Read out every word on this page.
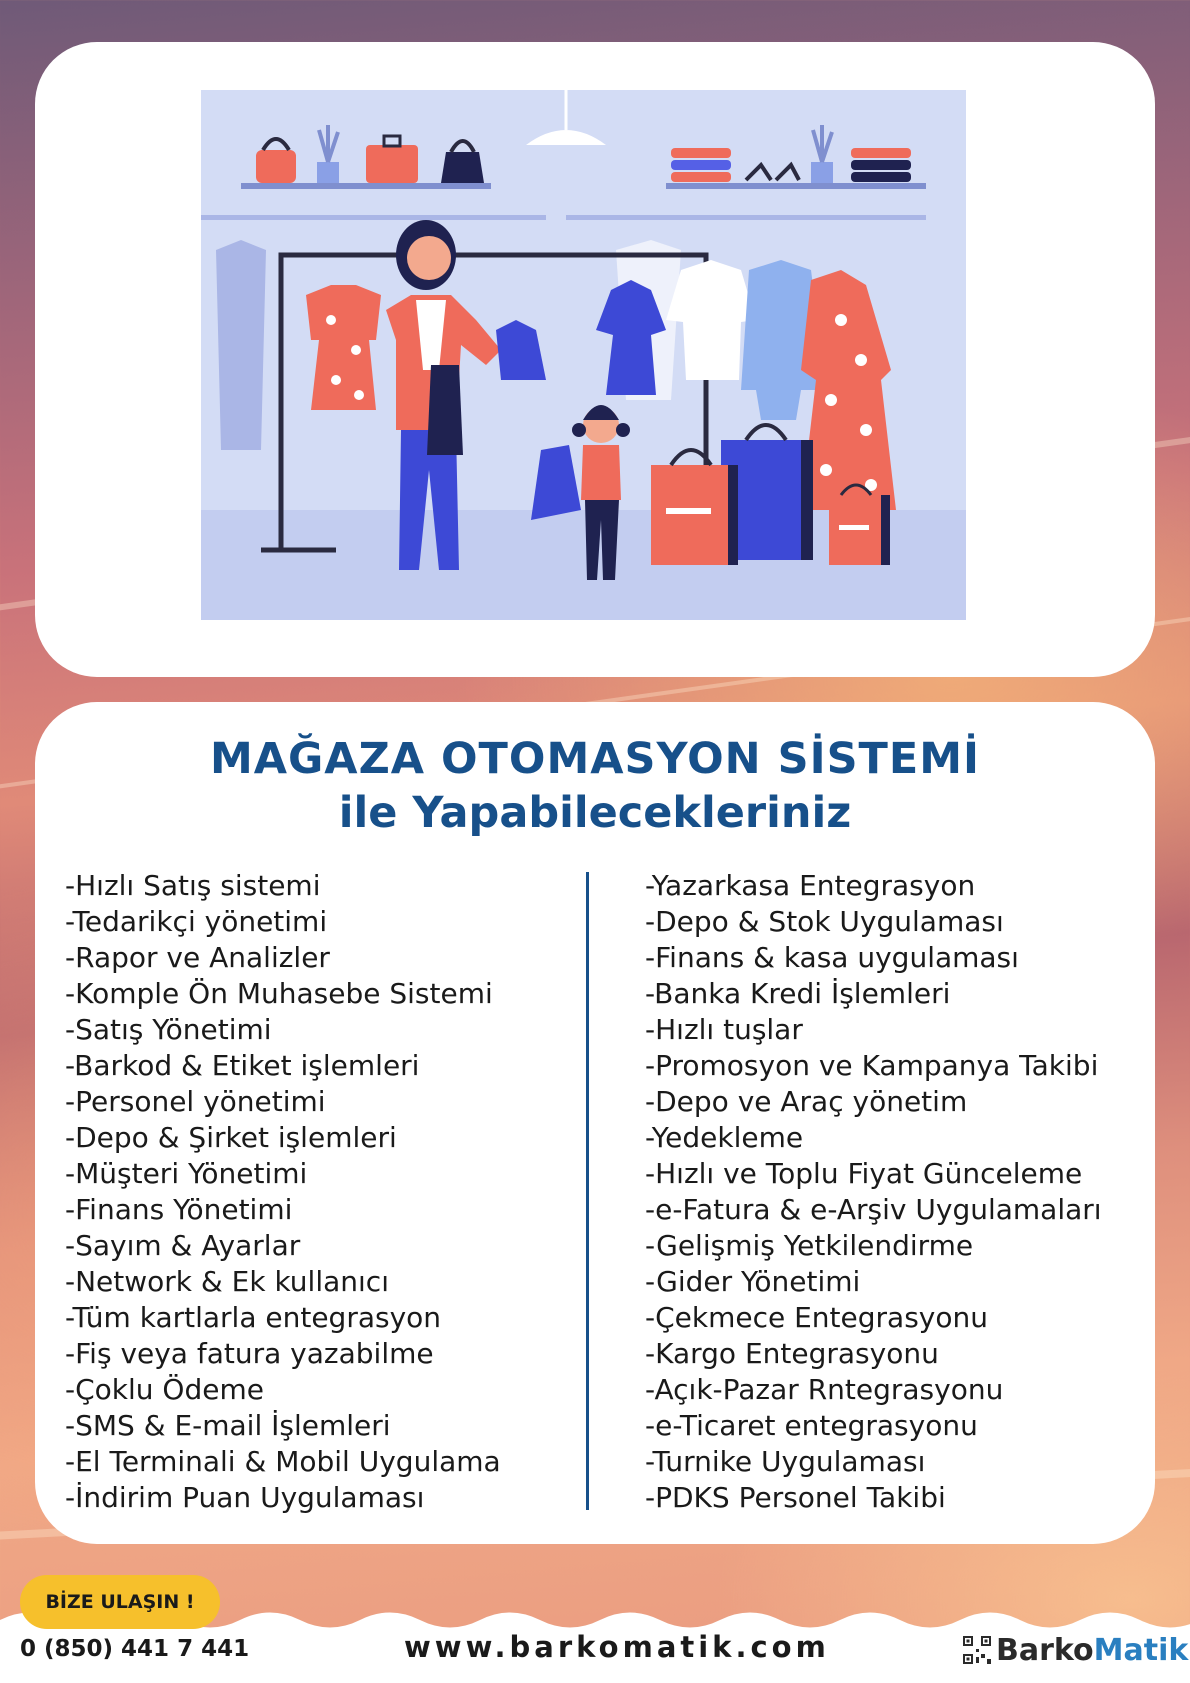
MAĞAZA OTOMASYON SİSTEMİ
ile Yapabilecekleriniz
-Hızlı Satış sistemi
-Tedarikçi yönetimi
-Rapor ve Analizler
-Komple Ön Muhasebe Sistemi
-Satış Yönetimi
-Barkod & Etiket işlemleri
-Personel yönetimi
-Depo & Şirket işlemleri
-Müşteri Yönetimi
-Finans Yönetimi
-Sayım & Ayarlar
-Network & Ek kullanıcı
-Tüm kartlarla entegrasyon
-Fiş veya fatura yazabilme
-Çoklu Ödeme
-SMS & E-mail İşlemleri
-El Terminali & Mobil Uygulama
-İndirim Puan Uygulaması
-Yazarkasa Entegrasyon
-Depo & Stok Uygulaması
-Finans & kasa uygulaması
-Banka Kredi İşlemleri
-Hızlı tuşlar
-Promosyon ve Kampanya Takibi
-Depo ve Araç yönetim
-Yedekleme
-Hızlı ve Toplu Fiyat Günceleme
-e-Fatura & e-Arşiv Uygulamaları
-Gelişmiş Yetkilendirme
-Gider Yönetimi
-Çekmece Entegrasyonu
-Kargo Entegrasyonu
-Açık-Pazar Rntegrasyonu
-e-Ticaret entegrasyonu
-Turnike Uygulaması
-PDKS Personel Takibi
BİZE ULAŞIN !
0 (850) 441 7 441	www.barkomatik.com	Barko Matik
